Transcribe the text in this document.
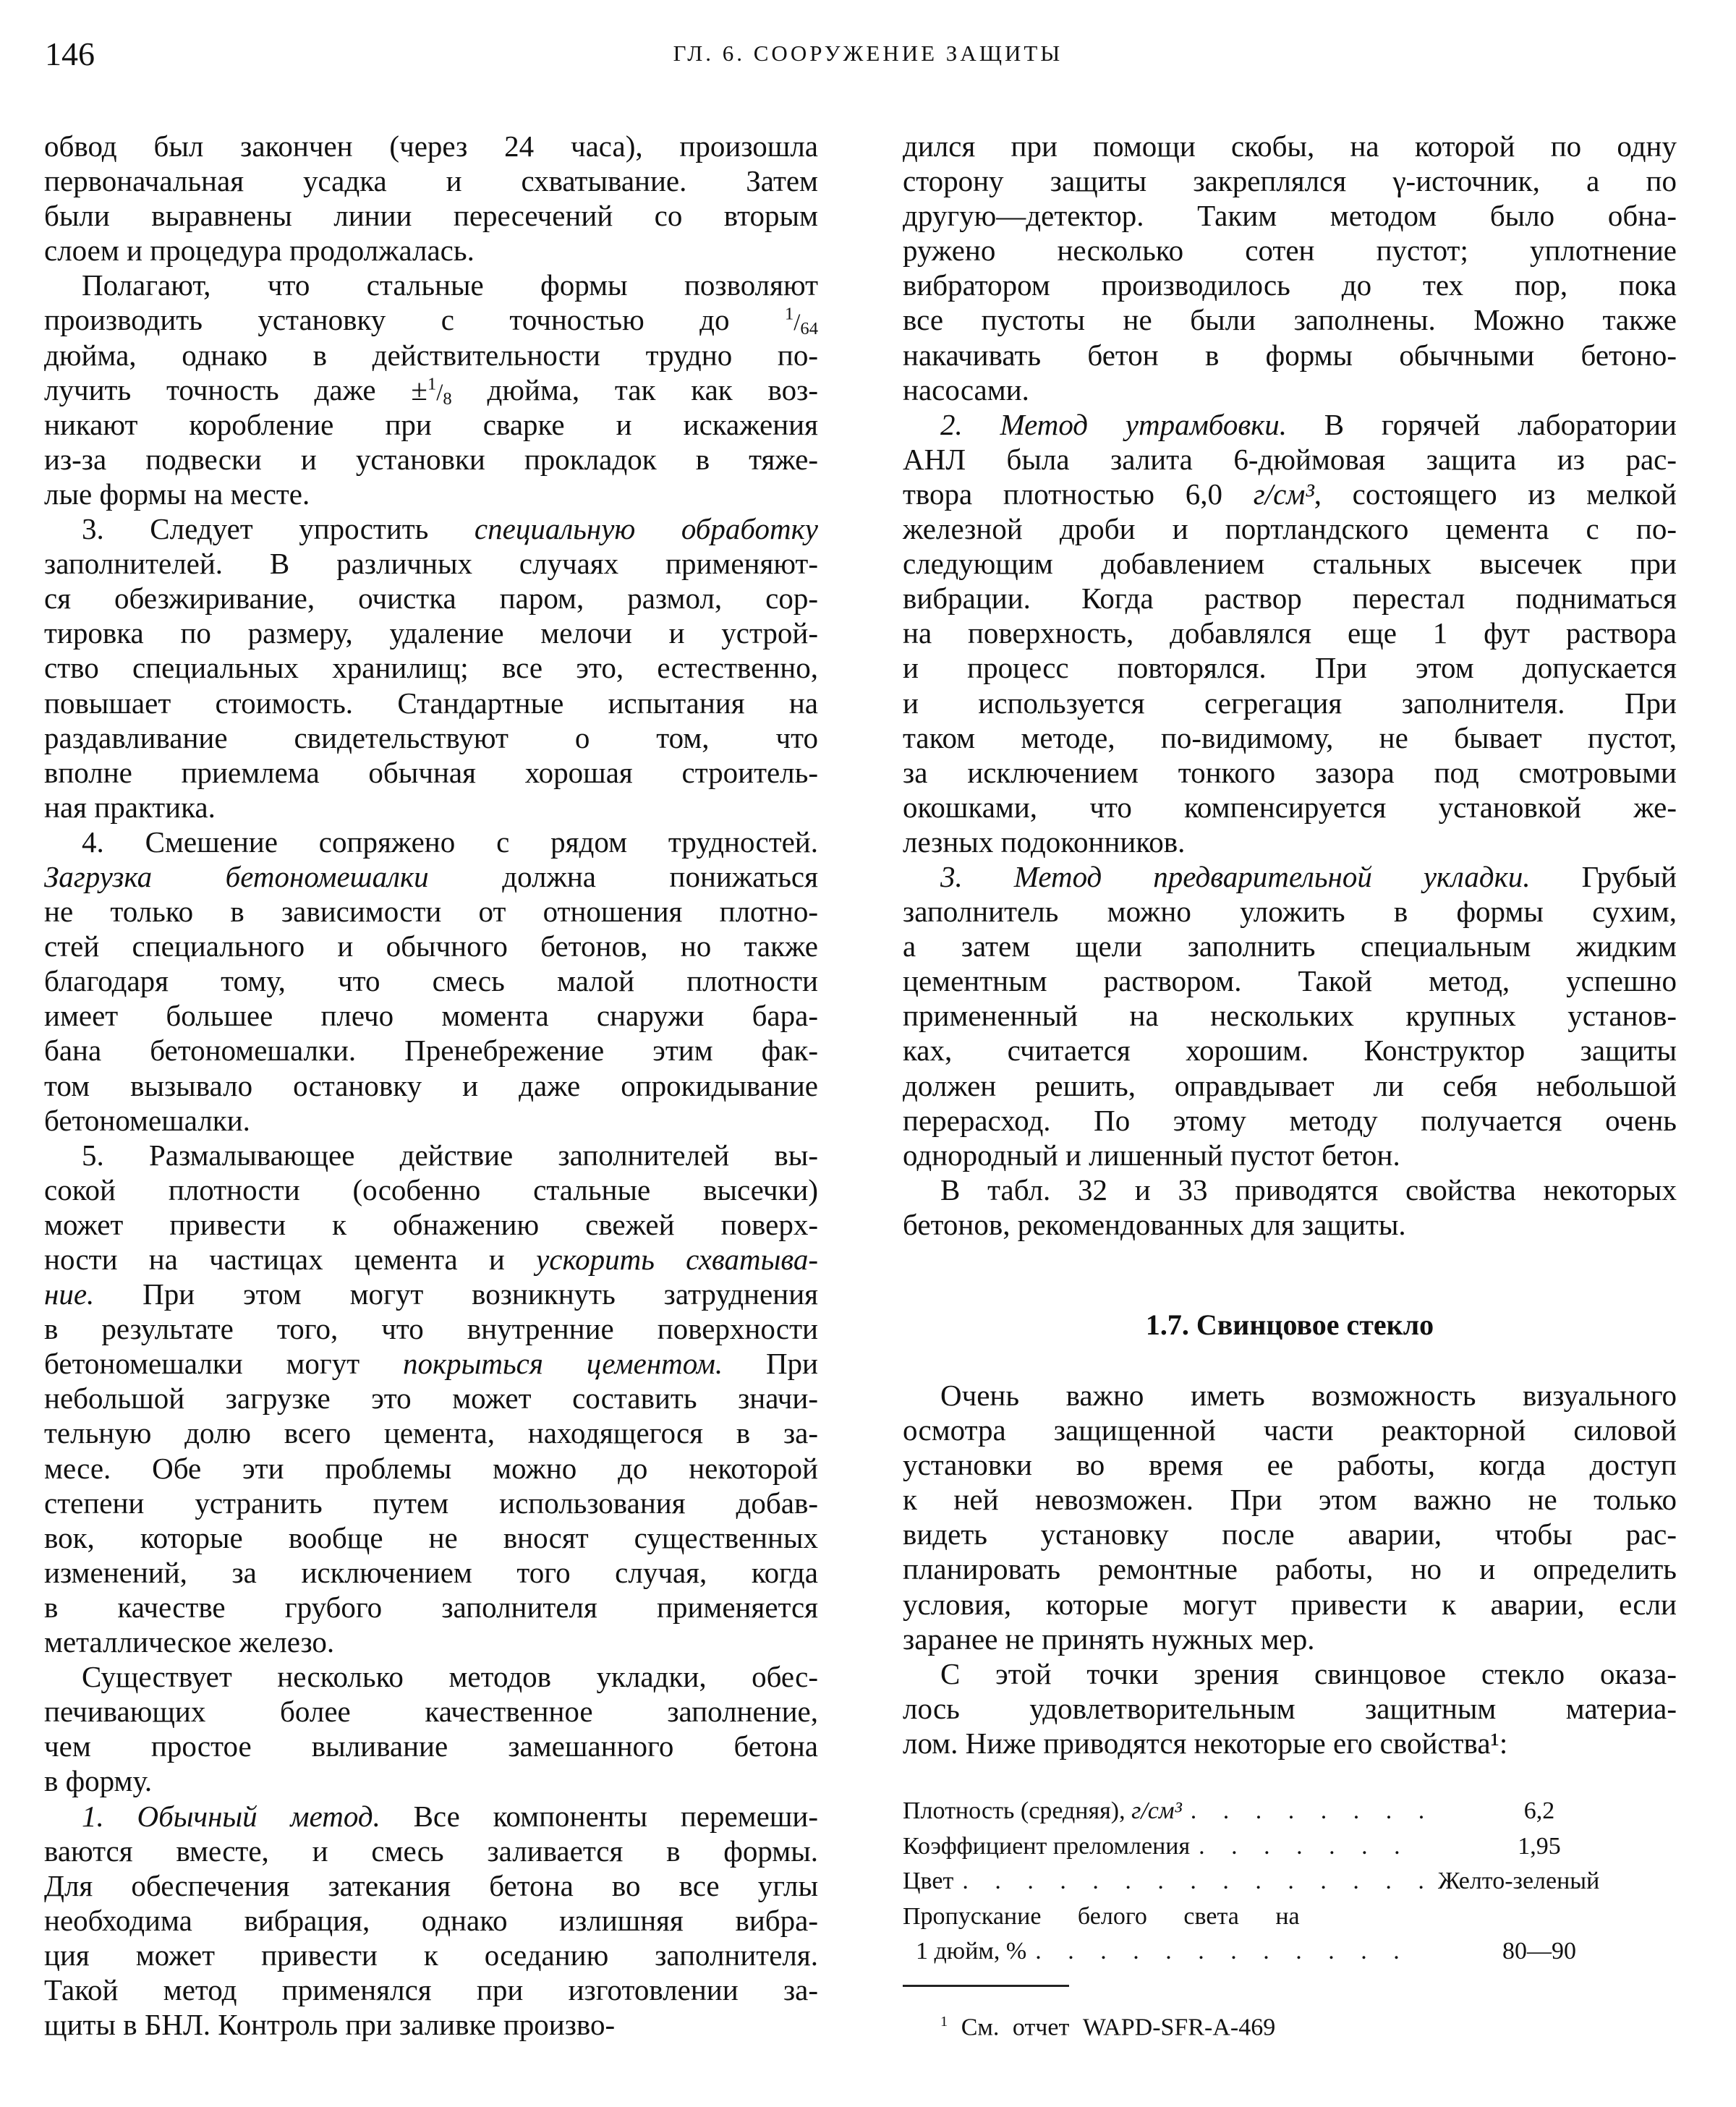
146	ГЛ. 6. СООРУЖЕНИЕ ЗАЩИТЫ
обвод был закончен (через 24 часа), произошла
первоначальная усадка и схватывание. Затем
были выравнены линии пересечений со вторым
слоем и процедура продолжалась.
Полагают, что стальные формы позволяют
производить установку с точностью до $^1/_{64}$
дюйма, однако в действительности трудно по-
лучить точность даже $\pm^1/_8$ дюйма, так как воз-
никают коробление при сварке и искажения
из-за подвески и установки прокладок в тяже-
лые формы на месте.
3. Следует упростить специальную обработку
заполнителей. В различных случаях применяют-
ся обезжиривание, очистка паром, размол, сор-
тировка по размеру, удаление мелочи и устрой-
ство специальных хранилищ; все это, естественно,
повышает стоимость. Стандартные испытания на
раздавливание свидетельствуют о том, что
вполне приемлема обычная хорошая строитель-
ная практика.
4. Смешение сопряжено с рядом трудностей.
Загрузка бетономешалки должна понижаться
не только в зависимости от отношения плотно-
стей специального и обычного бетонов, но также
благодаря тому, что смесь малой плотности
имеет большее плечо момента снаружи бара-
бана бетономешалки. Пренебрежение этим фак-
том вызывало остановку и даже опрокидывание
бетономешалки.
5. Размалывающее действие заполнителей вы-
сокой плотности (особенно стальные высечки)
может привести к обнажению свежей поверх-
ности на частицах цемента и ускорить схватыва-
ние. При этом могут возникнуть затруднения
в результате того, что внутренние поверхности
бетономешалки могут покрыться цементом. При
небольшой загрузке это может составить значи-
тельную долю всего цемента, находящегося в за-
месе. Обе эти проблемы можно до некоторой
степени устранить путем использования добав-
вок, которые вообще не вносят существенных
изменений, за исключением того случая, когда
в качестве грубого заполнителя применяется
металлическое железо.
Существует несколько методов укладки, обес-
печивающих более качественное заполнение,
чем простое выливание замешанного бетона
в форму.
1. Обычный метод. Все компоненты перемеши-
ваются вместе, и смесь заливается в формы.
Для обеспечения затекания бетона во все углы
необходима вибрация, однако излишняя вибра-
ция может привести к оседанию заполнителя.
Такой метод применялся при изготовлении за-
щиты в БНЛ. Контроль при заливке произво-
дился при помощи скобы, на которой по одну
сторону защиты закреплялся γ-источник, а по
другую—детектор. Таким методом было обна-
ружено несколько сотен пустот; уплотнение
вибратором производилось до тех пор, пока
все пустоты не были заполнены. Можно также
накачивать бетон в формы обычными бетоно-
насосами.
2. Метод утрамбовки. В горячей лаборатории
АНЛ была залита 6-дюймовая защита из рас-
твора плотностью 6,0 г/см³, состоящего из мелкой
железной дроби и портландского цемента с по-
следующим добавлением стальных высечек при
вибрации. Когда раствор перестал подниматься
на поверхность, добавлялся еще 1 фут раствора
и процесс повторялся. При этом допускается
и используется сегрегация заполнителя. При
таком методе, по-видимому, не бывает пустот,
за исключением тонкого зазора под смотровыми
окошками, что компенсируется установкой же-
лезных подоконников.
3. Метод предварительной укладки. Грубый
заполнитель можно уложить в формы сухим,
а затем щели заполнить специальным жидким
цементным раствором. Такой метод, успешно
примененный на нескольких крупных установ-
ках, считается хорошим. Конструктор защиты
должен решить, оправдывает ли себя небольшой
перерасход. По этому методу получается очень
однородный и лишенный пустот бетон.
В табл. 32 и 33 приводятся свойства некоторых
бетонов, рекомендованных для защиты.
1.7. Свинцовое стекло
Очень важно иметь возможность визуального
осмотра защищенной части реакторной силовой
установки во время ее работы, когда доступ
к ней невозможен. При этом важно не только
видеть установку после аварии, чтобы рас-
планировать ремонтные работы, но и определить
условия, которые могут привести к аварии, если
заранее не принять нужных мер.
С этой точки зрения свинцовое стекло оказа-
лось удовлетворительным защитным материа-
лом. Ниже приводятся некоторые его свойства¹:
Плотность (средняя), г/см³ . . .	6,2
Коэффициент преломления . . .	1,95
Цвет . . .	Желто-зеленый
Пропускание белого света на
1 дюйм, % . . .	80—90
$^1$ См. отчет WAPD-SFR-A-469
